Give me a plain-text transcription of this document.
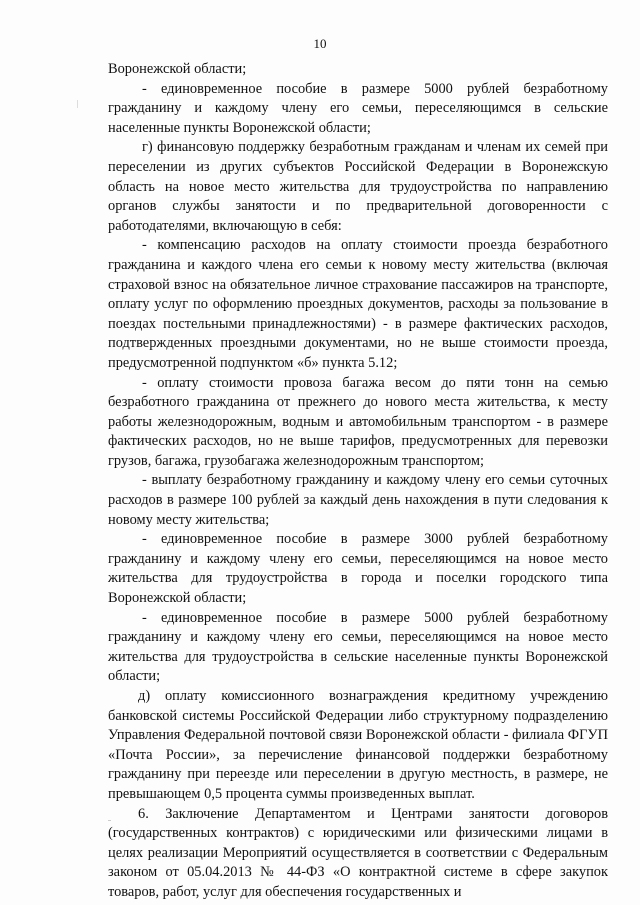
10

Воронежской области;

- единовременное пособие в размере 5000 рублей безработному гражданину и каждому члену его семьи, переселяющимся в сельские населенные пункты Воронежской области;

г) финансовую поддержку безработным гражданам и членам их семей при переселении из других субъектов Российской Федерации в Воронежскую область на новое место жительства для трудоустройства по направлению органов службы занятости и по предварительной договоренности с работодателями, включающую в себя:

- компенсацию расходов на оплату стоимости проезда безработного гражданина и каждого члена его семьи к новому месту жительства (включая страховой взнос на обязательное личное страхование пассажиров на транспорте, оплату услуг по оформлению проездных документов, расходы за пользование в поездах постельными принадлежностями) - в размере фактических расходов, подтвержденных проездными документами, но не выше стоимости проезда, предусмотренной подпунктом «б» пункта 5.12;

- оплату стоимости провоза багажа весом до пяти тонн на семью безработного гражданина от прежнего до нового места жительства, к месту работы железнодорожным, водным и автомобильным транспортом - в размере фактических расходов, но не выше тарифов, предусмотренных для перевозки грузов, багажа, грузобагажа железнодорожным транспортом;

- выплату безработному гражданину и каждому члену его семьи суточных расходов в размере 100 рублей за каждый день нахождения в пути следования к новому месту жительства;

- единовременное пособие в размере 3000 рублей безработному гражданину и каждому члену его семьи, переселяющимся на новое место жительства для трудоустройства в города и поселки городского типа Воронежской области;

- единовременное пособие в размере 5000 рублей безработному гражданину и каждому члену его семьи, переселяющимся на новое место жительства для трудоустройства в сельские населенные пункты Воронежской области;

д) оплату комиссионного вознаграждения кредитному учреждению банковской системы Российской Федерации либо структурному подразделению Управления Федеральной почтовой связи Воронежской области - филиала ФГУП «Почта России», за перечисление финансовой поддержки безработному гражданину при переезде или переселении в другую местность, в размере, не превышающем 0,5 процента суммы произведенных выплат.

6. Заключение Департаментом и Центрами занятости договоров (государственных контрактов) с юридическими или физическими лицами в целях реализации Мероприятий осуществляется в соответствии с Федеральным законом от 05.04.2013 № 44-ФЗ «О контрактной системе в сфере закупок товаров, работ, услуг для обеспечения государственных и
